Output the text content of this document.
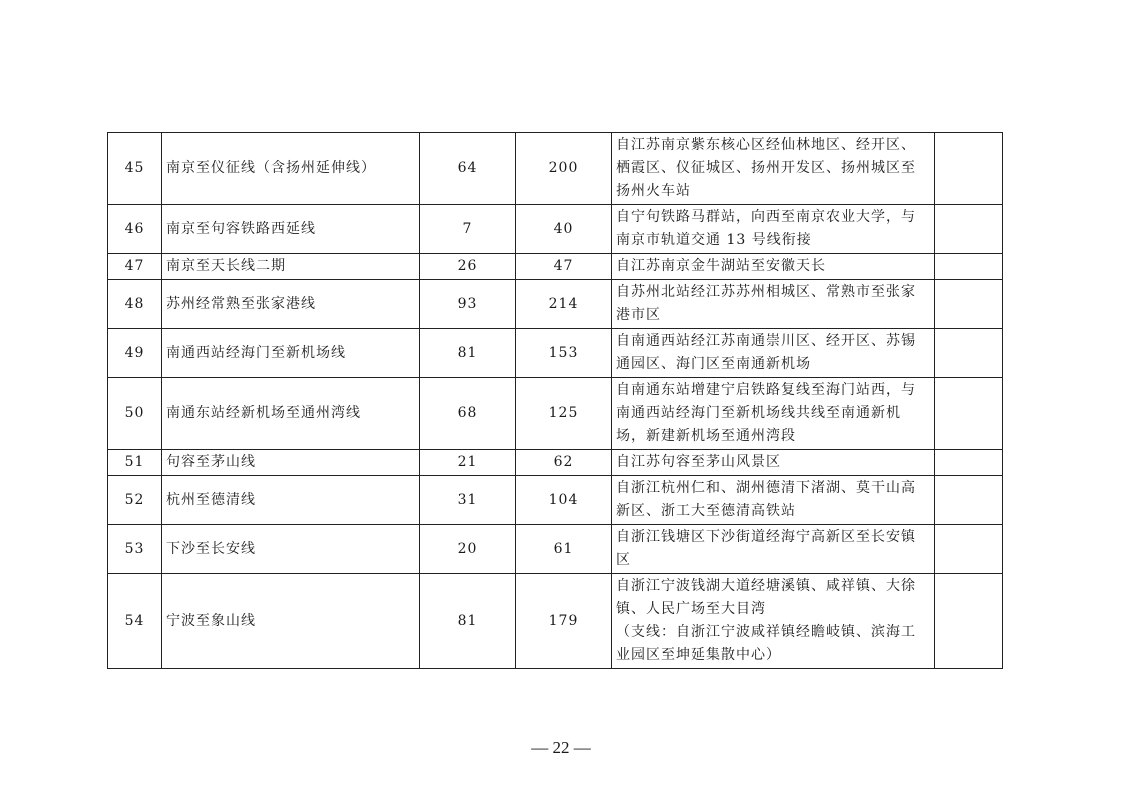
45	南京至仪征线（含扬州延伸线）	64	200	自江苏南京紫东核心区经仙林地区、经开区、
栖霞区、仪征城区、扬州开发区、扬州城区至
扬州火车站	

46	南京至句容铁路西延线	7	40	自宁句铁路马群站，向西至南京农业大学，与
南京市轨道交通 13 号线衔接	

47	南京至天长线二期	26	47	自江苏南京金牛湖站至安徽天长	

48	苏州经常熟至张家港线	93	214	自苏州北站经江苏苏州相城区、常熟市至张家
港市区	

49	南通西站经海门至新机场线	81	153	自南通西站经江苏南通崇川区、经开区、苏锡
通园区、海门区至南通新机场	

50	南通东站经新机场至通州湾线	68	125	自南通东站增建宁启铁路复线至海门站西，与
南通西站经海门至新机场线共线至南通新机
场，新建新机场至通州湾段	

51	句容至茅山线	21	62	自江苏句容至茅山风景区	

52	杭州至德清线	31	104	自浙江杭州仁和、湖州德清下渚湖、莫干山高
新区、浙工大至德清高铁站	

53	下沙至长安线	20	61	自浙江钱塘区下沙街道经海宁高新区至长安镇
区	

54	宁波至象山线	81	179	自浙江宁波钱湖大道经塘溪镇、咸祥镇、大徐
镇、人民广场至大目湾
（支线：自浙江宁波咸祥镇经瞻岐镇、滨海工
业园区至坤延集散中心）	

— 22 —
